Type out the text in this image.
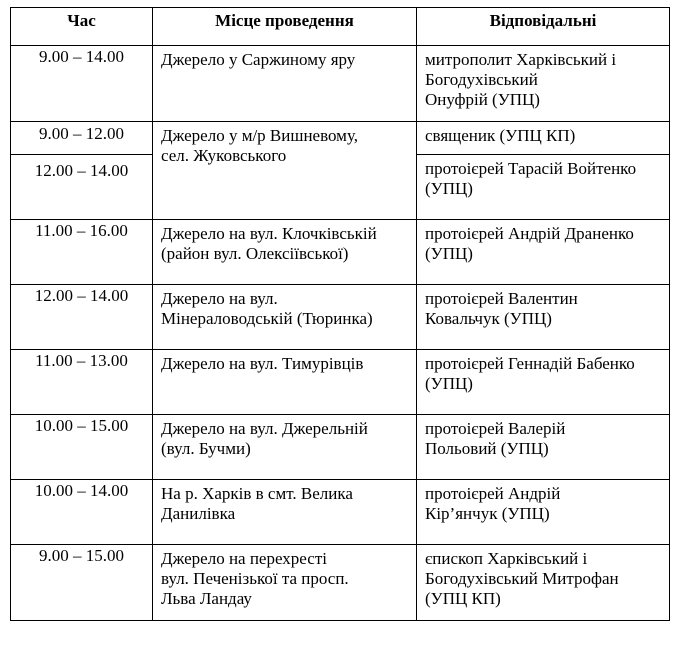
Час	Місце проведення	Відповідальні
9.00 – 14.00	Джерело у Саржиному яру	митрополит Харківський і
Богодухівський
Онуфрій (УПЦ)
9.00 – 12.00	Джерело у м/р Вишневому,
сел. Жуковського	священик (УПЦ КП)
12.00 – 14.00		протоієрей Тарасій Войтенко
(УПЦ)
11.00 – 16.00	Джерело на вул. Клочківській
(район вул. Олексіївської)	протоієрей Андрій Драненко
(УПЦ)
12.00 – 14.00	Джерело на вул.
Мінераловодській (Тюринка)	протоієрей Валентин
Ковальчук (УПЦ)
11.00 – 13.00	Джерело на вул. Тимурівців	протоієрей Геннадій Бабенко
(УПЦ)
10.00 – 15.00	Джерело на вул. Джерельній
(вул. Бучми)	протоієрей Валерій
Польовий (УПЦ)
10.00 – 14.00	На р. Харків в смт. Велика
Данилівка	протоієрей Андрій
Кір’янчук (УПЦ)
9.00 – 15.00	Джерело на перехресті
вул. Печенізької та просп.
Льва Ландау	єпископ Харківський і
Богодухівський Митрофан
(УПЦ КП)
